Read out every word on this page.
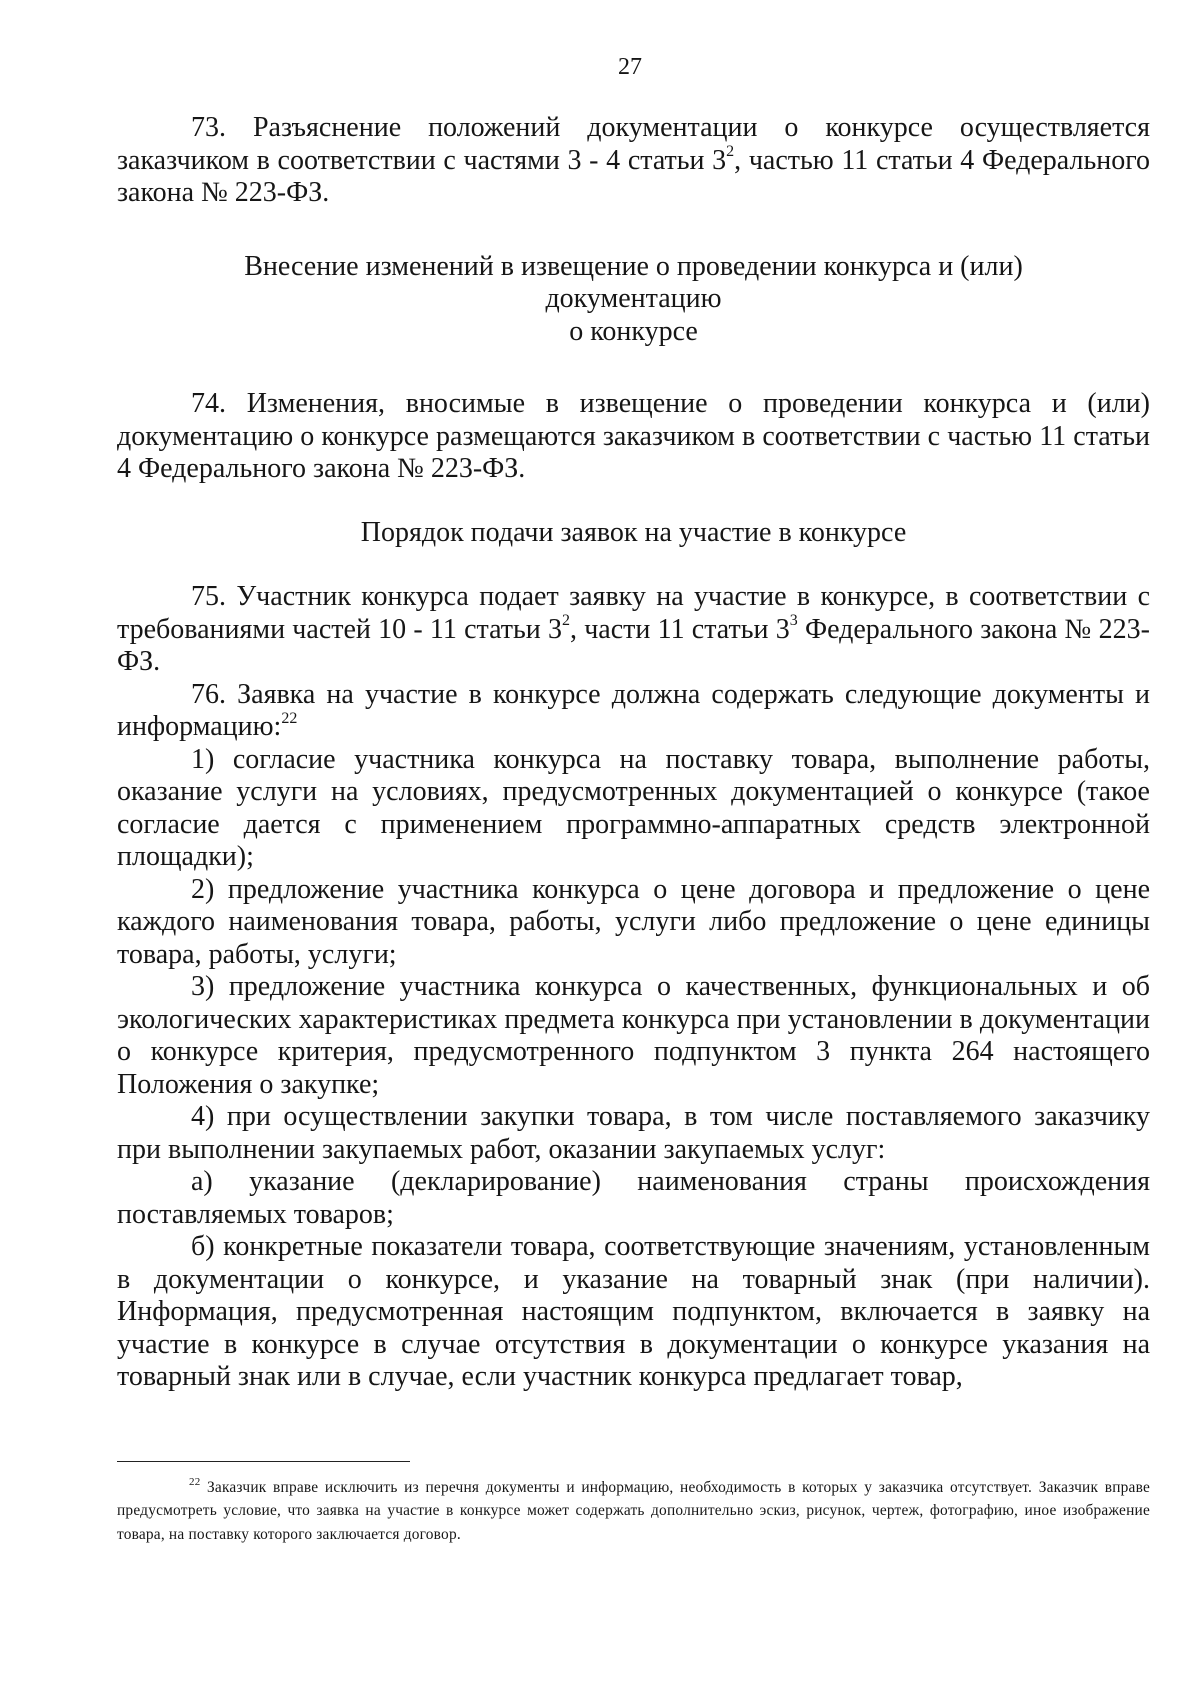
27

73. Разъяснение положений документации о конкурсе осуществляется заказчиком в соответствии с частями 3 - 4 статьи $3^2$, частью 11 статьи 4 Федерального закона № 223-ФЗ.

Внесение изменений в извещение о проведении конкурса и (или)
документацию
о конкурсе

74. Изменения, вносимые в извещение о проведении конкурса и (или) документацию о конкурсе размещаются заказчиком в соответствии с частью 11 статьи 4 Федерального закона № 223-ФЗ.

Порядок подачи заявок на участие в конкурсе

75. Участник конкурса подает заявку на участие в конкурсе, в соответствии с требованиями частей 10 - 11 статьи $3^2$, части 11 статьи $3^3$ Федерального закона № 223-ФЗ.

76. Заявка на участие в конкурсе должна содержать следующие документы и информацию:$^{22}$

1) согласие участника конкурса на поставку товара, выполнение работы, оказание услуги на условиях, предусмотренных документацией о конкурсе (такое согласие дается с применением программно-аппаратных средств электронной площадки);

2) предложение участника конкурса о цене договора и предложение о цене каждого наименования товара, работы, услуги либо предложение о цене единицы товара, работы, услуги;

3) предложение участника конкурса о качественных, функциональных и об экологических характеристиках предмета конкурса при установлении в документации о конкурсе критерия, предусмотренного подпунктом 3 пункта 264 настоящего Положения о закупке;

4) при осуществлении закупки товара, в том числе поставляемого заказчику при выполнении закупаемых работ, оказании закупаемых услуг:

а) указание (декларирование) наименования страны происхождения поставляемых товаров;

б) конкретные показатели товара, соответствующие значениям, установленным в документации о конкурсе, и указание на товарный знак (при наличии). Информация, предусмотренная настоящим подпунктом, включается в заявку на участие в конкурсе в случае отсутствия в документации о конкурсе указания на товарный знак или в случае, если участник конкурса предлагает товар,

$^{22}$ Заказчик вправе исключить из перечня документы и информацию, необходимость в которых у заказчика отсутствует. Заказчик вправе предусмотреть условие, что заявка на участие в конкурсе может содержать дополнительно эскиз, рисунок, чертеж, фотографию, иное изображение товара, на поставку которого заключается договор.
